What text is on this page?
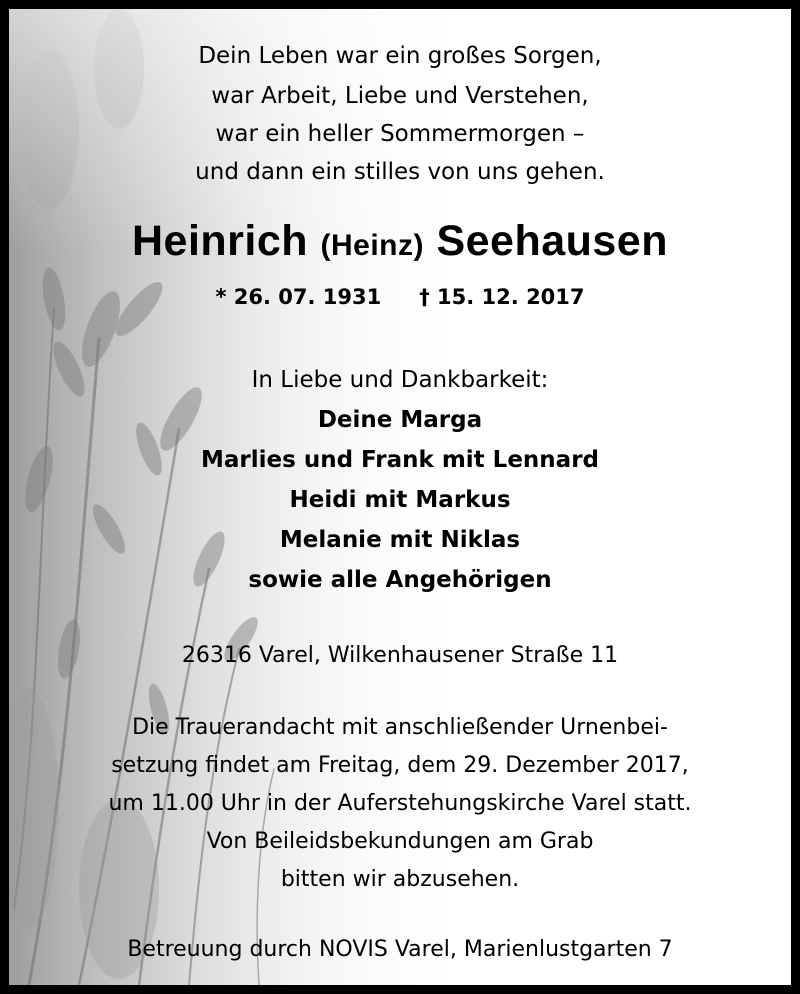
Dein Leben war ein großes Sorgen,
war Arbeit, Liebe und Verstehen,
war ein heller Sommermorgen –
und dann ein stilles von uns gehen.
Heinrich (Heinz) Seehausen
* 26. 07. 1931 † 15. 12. 2017
In Liebe und Dankbarkeit:
Deine Marga
Marlies und Frank mit Lennard
Heidi mit Markus
Melanie mit Niklas
sowie alle Angehörigen
26316 Varel, Wilkenhausener Straße 11
Die Trauerandacht mit anschließender Urnenbei-
setzung findet am Freitag, dem 29. Dezember 2017,
um 11.00 Uhr in der Auferstehungskirche Varel statt.
Von Beileidsbekundungen am Grab
bitten wir abzusehen.
Betreuung durch NOVIS Varel, Marienlustgarten 7
